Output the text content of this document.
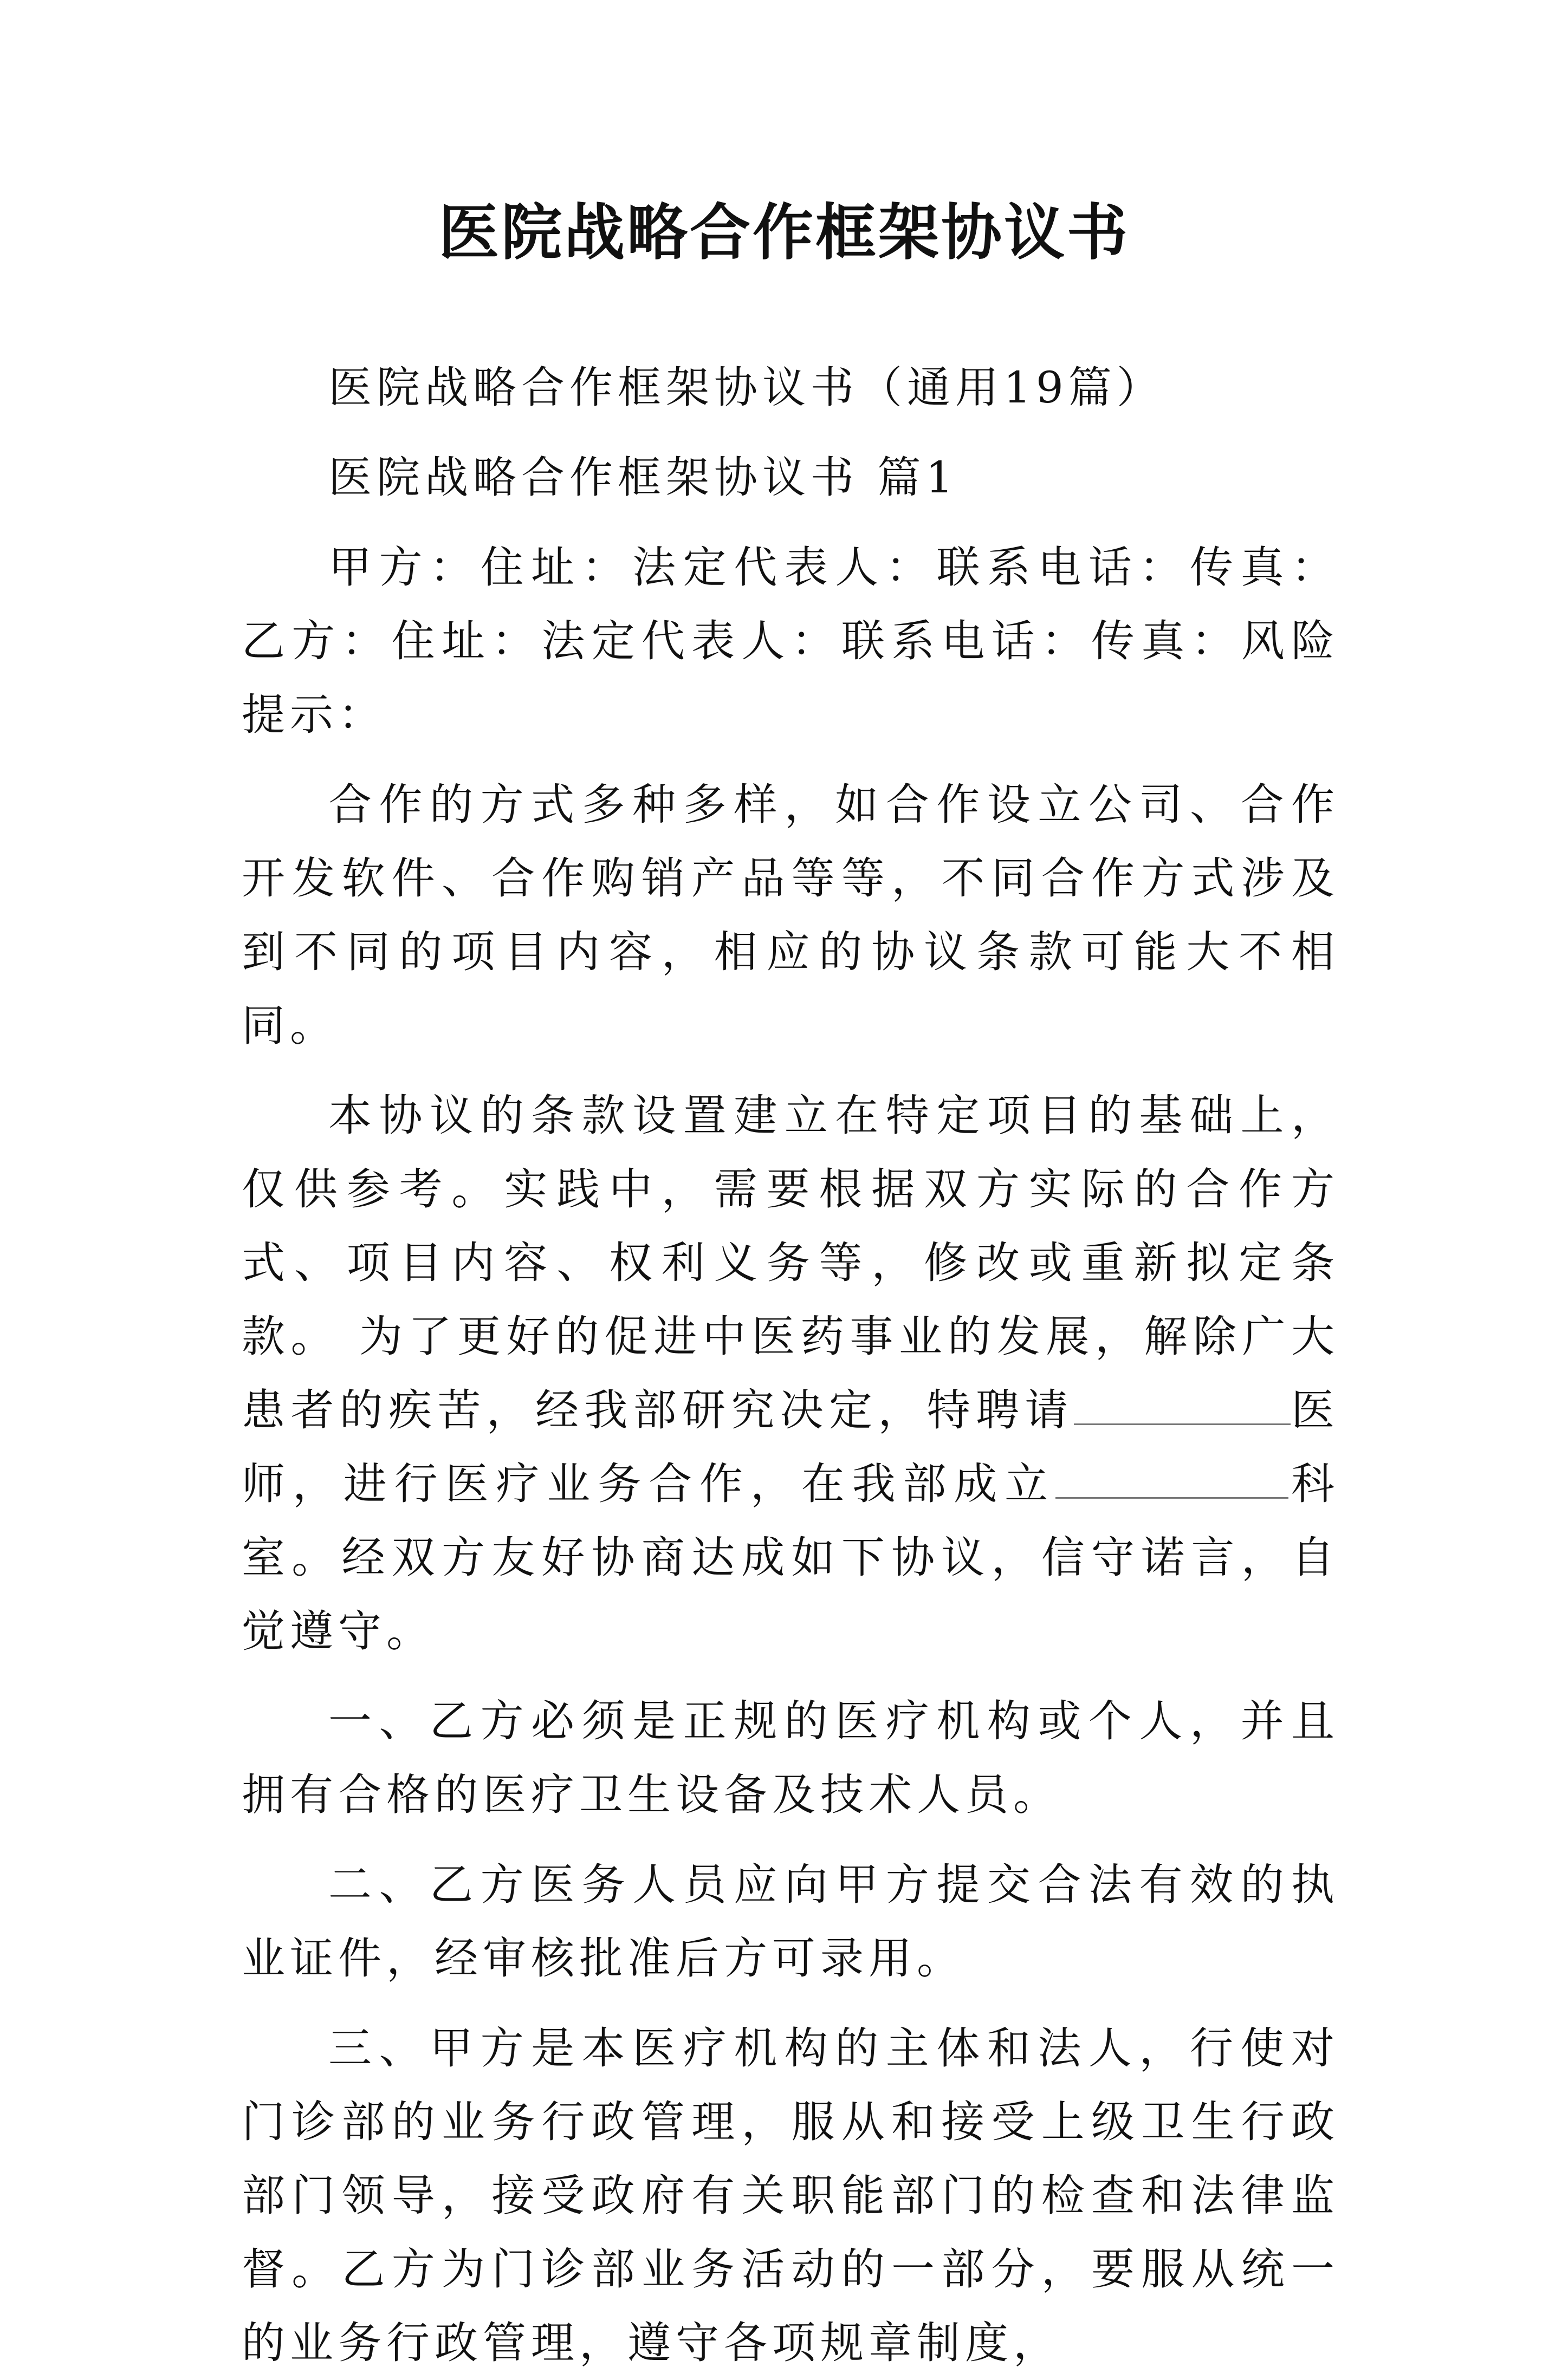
医院战略合作框架协议书

医院战略合作框架协议书（通用19篇）

医院战略合作框架协议书 篇1

甲方：住址：法定代表人：联系电话：传真：乙方：住址：法定代表人：联系电话：传真：风险提示：

合作的方式多种多样，如合作设立公司、合作开发软件、合作购销产品等等，不同合作方式涉及到不同的项目内容，相应的协议条款可能大不相同。

本协议的条款设置建立在特定项目的基础上，仅供参考。实践中，需要根据双方实际的合作方式、项目内容、权利义务等，修改或重新拟定条款。 为了更好的促进中医药事业的发展，解除广大患者的疾苦，经我部研究决定，特聘请	医师，进行医疗业务合作，在我部成立	科室。经双方友好协商达成如下协议，信守诺言，自觉遵守。

一、乙方必须是正规的医疗机构或个人，并且拥有合格的医疗卫生设备及技术人员。

二、乙方医务人员应向甲方提交合法有效的执业证件，经审核批准后方可录用。

三、甲方是本医疗机构的主体和法人，行使对门诊部的业务行政管理，服从和接受上级卫生行政部门领导，接受政府有关职能部门的检查和法律监督。乙方为门诊部业务活动的一部分，要服从统一的业务行政管理，遵守各项规章制度，
